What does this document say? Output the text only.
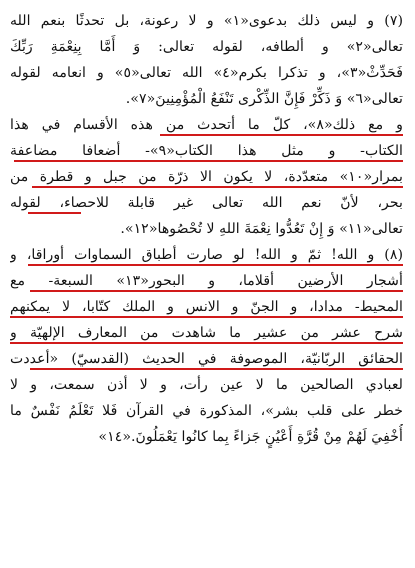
(٧) و ليس ذلك بدعوى«١» و لا رعونة، بل تحدثًا بنعم الله
تعالى«٢» و ألطافه، لقوله تعالى: وَ أَمَّا بِنِعْمَةِ رَبِّكَ
فَحَدِّثْ«٣»، و تذكرا بكرم«٤» الله تعالى«٥» و انعامه لقوله
تعالى«٦» وَ ذَكِّرْ فَإِنَّ الذِّكْرى تَنْفَعُ الْمُؤْمِنِينَ«٧».
و مع ذلك«٨»، كلّ ما أتحدث من هذه الأقسام في هذا
الكتاب- و مثل هذا الكتاب«٩»- أضعافا مضاعفة
بمرار«١٠» متعدّدة، لا يكون الا ذرّة من جبل و قطرة من
بحر، لأنّ نعم الله تعالى غير قابلة للاحصاء، لقوله
تعالى«١١» وَ إِنْ تَعُدُّوا نِعْمَةَ اللهِ لا تُحْصُوها«١٢».
(٨) و الله! ثمّ و الله! لو صارت أطباق السماوات أوراقا، و
أشجار الأرضين أقلاما، و البحور«١٣» السبعة- مع
المحيط- مدادا، و الجنّ و الانس و الملك كتّابا، لا يمكنهم
شرح عشر من عشير ما شاهدت من المعارف الإلهيّة و
الحقائق الربّانيّة، الموصوفة في الحديث (القدسيّ) «أعددت
لعبادي الصالحين ما لا عين رأت، و لا أذن سمعت، و لا
خطر على قلب بشر»، المذكورة في القرآن فَلا تَعْلَمُ نَفْسٌ ما
أُخْفِيَ لَهُمْ مِنْ قُرَّةِ أَعْيُنٍ جَزاءً بِما كانُوا يَعْمَلُونَ.«١٤»
